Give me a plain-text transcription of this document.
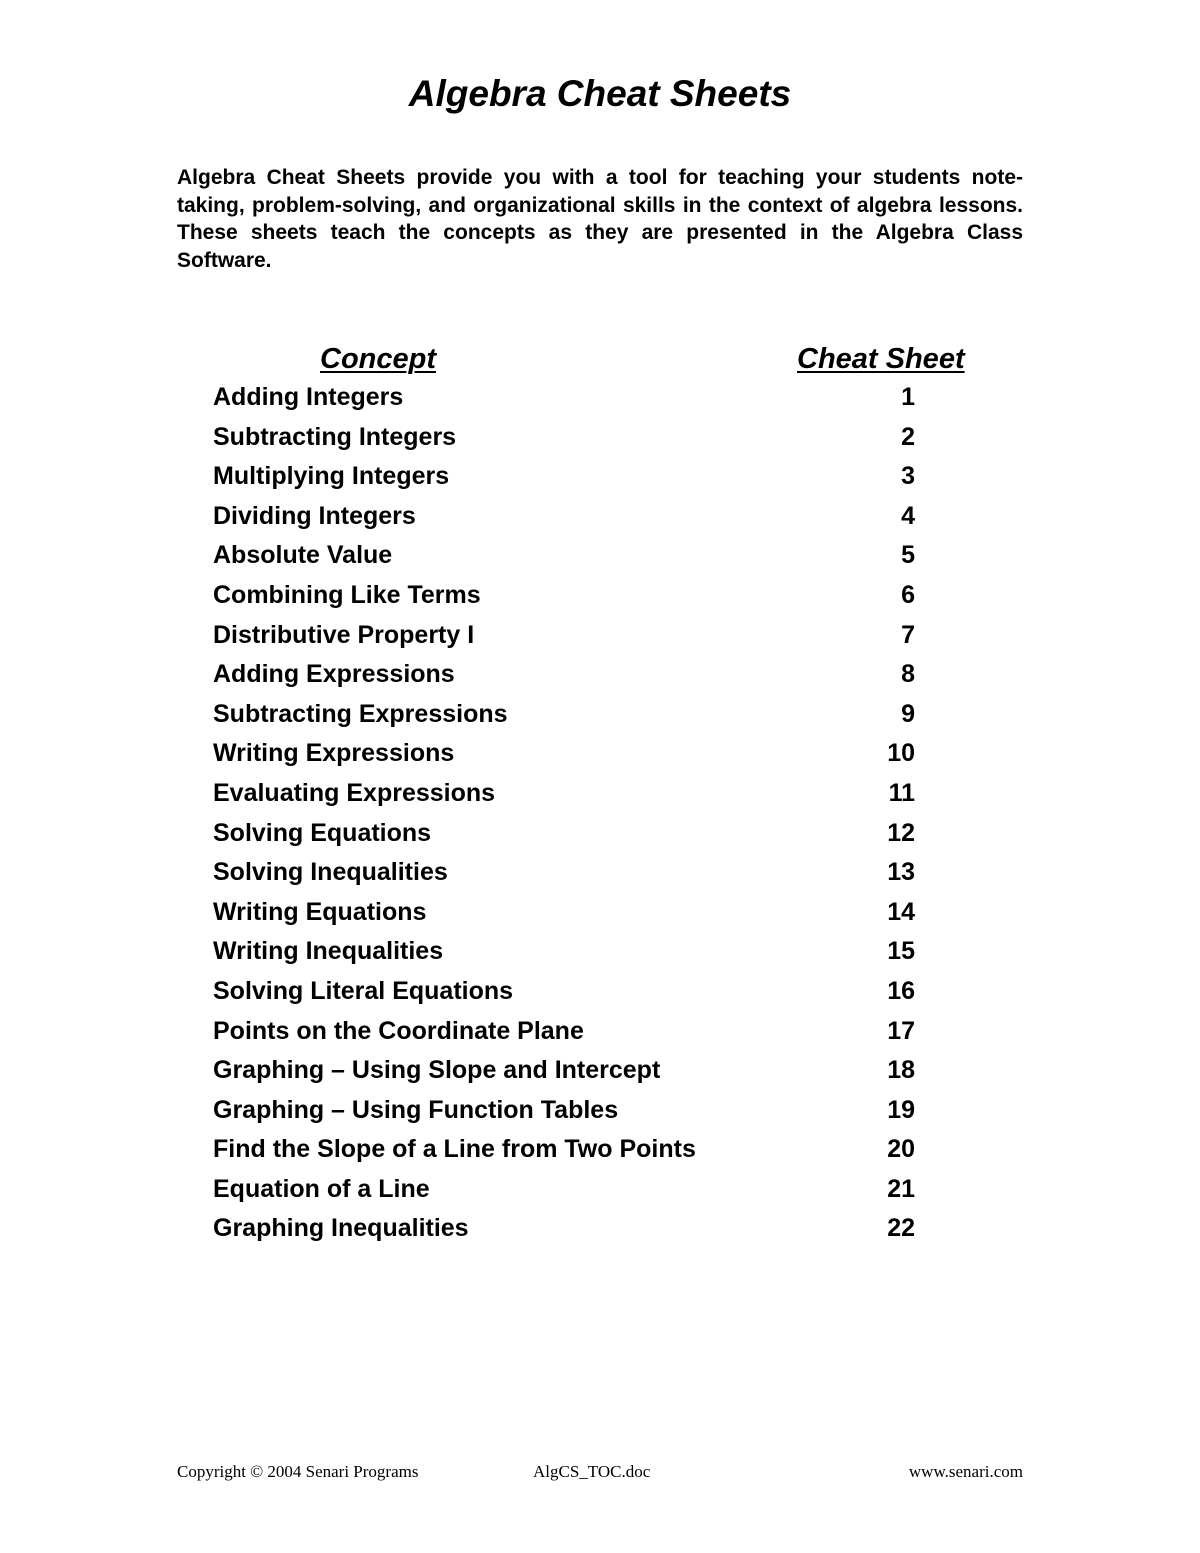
Algebra Cheat Sheets

Algebra Cheat Sheets provide you with a tool for teaching your students note-taking, problem-solving, and organizational skills in the context of algebra lessons. These sheets teach the concepts as they are presented in the Algebra Class Software.

Concept	Cheat Sheet
Adding Integers	1
Subtracting Integers	2
Multiplying Integers	3
Dividing Integers	4
Absolute Value	5
Combining Like Terms	6
Distributive Property I	7
Adding Expressions	8
Subtracting Expressions	9
Writing Expressions	10
Evaluating Expressions	11
Solving Equations	12
Solving Inequalities	13
Writing Equations	14
Writing Inequalities	15
Solving Literal Equations	16
Points on the Coordinate Plane	17
Graphing – Using Slope and Intercept	18
Graphing – Using Function Tables	19
Find the Slope of a Line from Two Points	20
Equation of a Line	21
Graphing Inequalities	22
Copyright © 2004 Senari Programs	AlgCS_TOC.doc	www.senari.com
